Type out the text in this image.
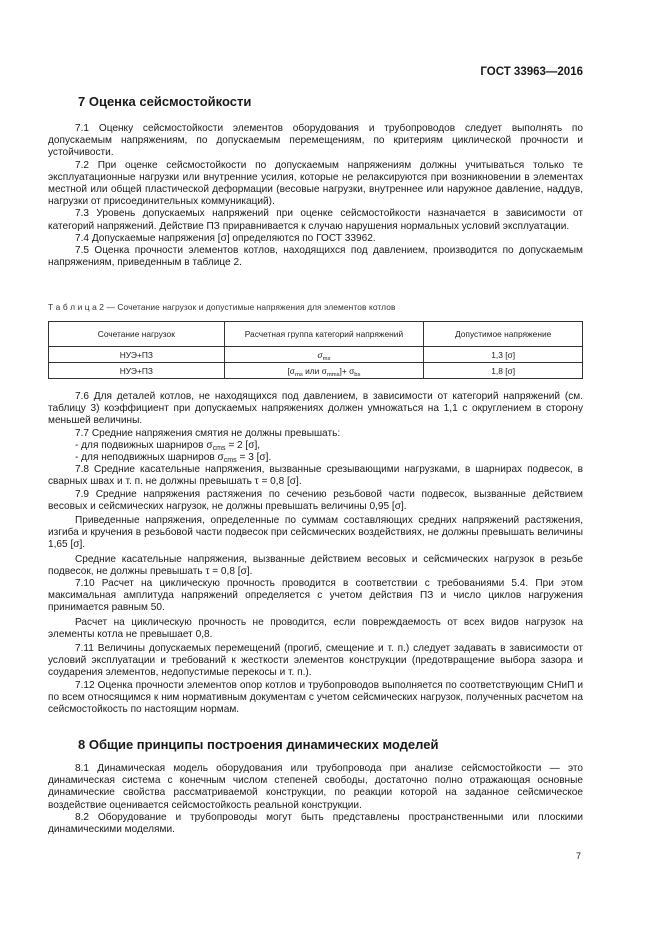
ГОСТ 33963—2016
7 Оценка сейсмостойкости

7.1 Оценку сейсмостойкости элементов оборудования и трубопроводов следует выполнять по допускаемым напряжениям, по допускаемым перемещениям, по критериям циклической прочности и устойчивости.

7.2 При оценке сейсмостойкости по допускаемым напряжениям должны учитываться только те эксплуатационные нагрузки или внутренние усилия, которые не релаксируются при возникновении в элементах местной или общей пластической деформации (весовые нагрузки, внутреннее или наружное давление, наддув, нагрузки от присоединительных коммуникаций).

7.3 Уровень допускаемых напряжений при оценке сейсмостойкости назначается в зависимости от категорий напряжений. Действие ПЗ приравнивается к случаю нарушения нормальных условий эксплуатации.

7.4 Допускаемые напряжения [σ] определяются по ГОСТ 33962.

7.5 Оценка прочности элементов котлов, находящихся под давлением, производится по допускаемым напряжениям, приведенным в таблице 2.

Т а б л и ц а 2 — Сочетание нагрузок и допустимые напряжения для элементов котлов
Сочетание нагрузок	Расчетная группа категорий напряжений	Допустимое напряжение
НУЭ+ПЗ	$\sigma_{ms}$	1,3 [σ]
НУЭ+ПЗ	[$\sigma_{ms}$ или $\sigma_{mms}]+ \sigma_{bs}$	1,8 [σ]

7.6 Для деталей котлов, не находящихся под давлением, в зависимости от категорий напряжений (см. таблицу 3) коэффициент при допускаемых напряжениях должен умножаться на 1,1 с округлением в сторону меньшей величины.

7.7 Средние напряжения смятия не должны превышать:

- для подвижных шарниров $\sigma_{cms} = 2$ [σ],

- для неподвижных шарниров $\sigma_{cms} = 3$ [σ].

7.8 Средние касательные напряжения, вызванные срезывающими нагрузками, в шарнирах подвесок, в сварных швах и т. п. не должны превышать τ = 0,8 [σ].

7.9 Средние напряжения растяжения по сечению резьбовой части подвесок, вызванные действием весовых и сейсмических нагрузок, не должны превышать величины 0,95 [σ].

Приведенные напряжения, определенные по суммам составляющих средних напряжений растяжения, изгиба и кручения в резьбовой части подвесок при сейсмических воздействиях, не должны превышать величины 1,65 [σ].

Средние касательные напряжения, вызванные действием весовых и сейсмических нагрузок в резьбе подвесок, не должны превышать τ = 0,8 [σ].

7.10 Расчет на циклическую прочность проводится в соответствии с требованиями 5.4. При этом максимальная амплитуда напряжений определяется с учетом действия ПЗ и число циклов нагружения принимается равным 50.

Расчет на циклическую прочность не проводится, если повреждаемость от всех видов нагрузок на элементы котла не превышает 0,8.

7.11 Величины допускаемых перемещений (прогиб, смещение и т. п.) следует задавать в зависимости от условий эксплуатации и требований к жесткости элементов конструкции (предотвращение выбора зазора и соударения элементов, недопустимые перекосы и т. п.).

7.12 Оценка прочности элементов опор котлов и трубопроводов выполняется по соответствующим СНиП и по всем относящимся к ним нормативным документам с учетом сейсмических нагрузок, полученных расчетом на сейсмостойкость по настоящим нормам.

8 Общие принципы построения динамических моделей

8.1 Динамическая модель оборудования или трубопровода при анализе сейсмостойкости — это динамическая система с конечным числом степеней свободы, достаточно полно отражающая основные динамические свойства рассматриваемой конструкции, по реакции которой на заданное сейсмическое воздействие оценивается сейсмостойкость реальной конструкции.

8.2 Оборудование и трубопроводы могут быть представлены пространственными или плоскими динамическими моделями.

7
